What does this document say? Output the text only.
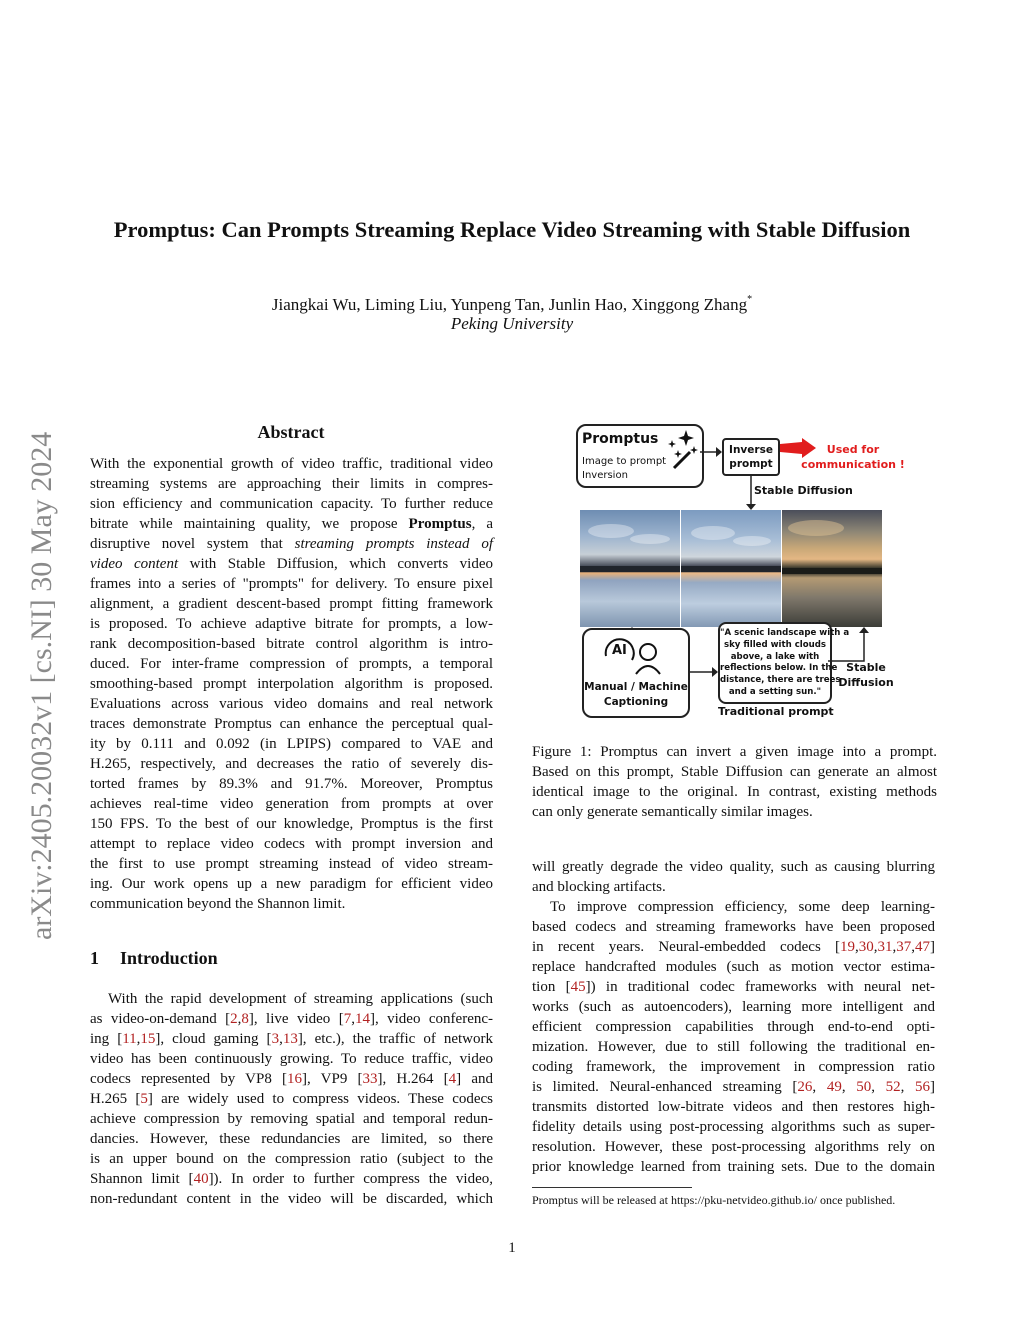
Promptus: Can Prompts Streaming Replace Video Streaming with Stable Diffusion
Jiangkai Wu, Liming Liu, Yunpeng Tan, Junlin Hao, Xinggong Zhang*
Peking University
arXiv:2405.20032v1 [cs.NI] 30 May 2024	Abstract
With the exponential growth of video traffic, traditional video
streaming systems are approaching their limits in compres-
sion efficiency and communication capacity. To further reduce
bitrate while maintaining quality, we propose Promptus, a
disruptive novel system that streaming prompts instead of
video content with Stable Diffusion, which converts video
frames into a series of "prompts" for delivery. To ensure pixel
alignment, a gradient descent-based prompt fitting framework
is proposed. To achieve adaptive bitrate for prompts, a low-
rank decomposition-based bitrate control algorithm is intro-
duced. For inter-frame compression of prompts, a temporal
smoothing-based prompt interpolation algorithm is proposed.
Evaluations across various video domains and real network
traces demonstrate Promptus can enhance the perceptual qual-
ity by 0.111 and 0.092 (in LPIPS) compared to VAE and
H.265, respectively, and decreases the ratio of severely dis-
torted frames by 89.3% and 91.7%. Moreover, Promptus
achieves real-time video generation from prompts at over
150 FPS. To the best of our knowledge, Promptus is the first
attempt to replace video codecs with prompt inversion and
the first to use prompt streaming instead of video stream-
ing. Our work opens up a new paradigm for efficient video
communication beyond the Shannon limit.
1 Introduction
With the rapid development of streaming applications (such
as video-on-demand [2,8], live video [7,14], video conferenc-
ing [11,15], cloud gaming [3,13], etc.), the traffic of network
video has been continuously growing. To reduce traffic, video
codecs represented by VP8 [16], VP9 [33], H.264 [4] and
H.265 [5] are widely used to compress videos. These codecs
achieve compression by removing spatial and temporal redun-
dancies. However, these redundancies are limited, so there
is an upper bound on the compression ratio (subject to the
Shannon limit [40]). In order to further compress the video,
non-redundant content in the video will be discarded, which
Promptus
Image to prompt
Inversion
Inverse
prompt
Used for
communication !
Stable Diffusion
AI
Manual / Machine
Captioning
"A scenic landscape with a
sky filled with clouds
above, a lake with
reflections below. In the
distance, there are trees
and a setting sun."
Traditional prompt
Stable
Diffusion
Figure 1: Promptus can invert a given image into a prompt.
Based on this prompt, Stable Diffusion can generate an almost
identical image to the original. In contrast, existing methods
can only generate semantically similar images.
will greatly degrade the video quality, such as causing blurring
and blocking artifacts.
To improve compression efficiency, some deep learning-
based codecs and streaming frameworks have been proposed
in recent years. Neural-embedded codecs [19,30,31,37,47]
replace handcrafted modules (such as motion vector estima-
tion [45]) in traditional codec frameworks with neural net-
works (such as autoencoders), learning more intelligent and
efficient compression capabilities through end-to-end opti-
mization. However, due to still following the traditional en-
coding framework, the improvement in compression ratio
is limited. Neural-enhanced streaming [26, 49, 50, 52, 56]
transmits distorted low-bitrate videos and then restores high-
fidelity details using post-processing algorithms such as super-
resolution. However, these post-processing algorithms rely on
prior knowledge learned from training sets. Due to the domain
Promptus will be released at https://pku-netvideo.github.io/ once published.
1
